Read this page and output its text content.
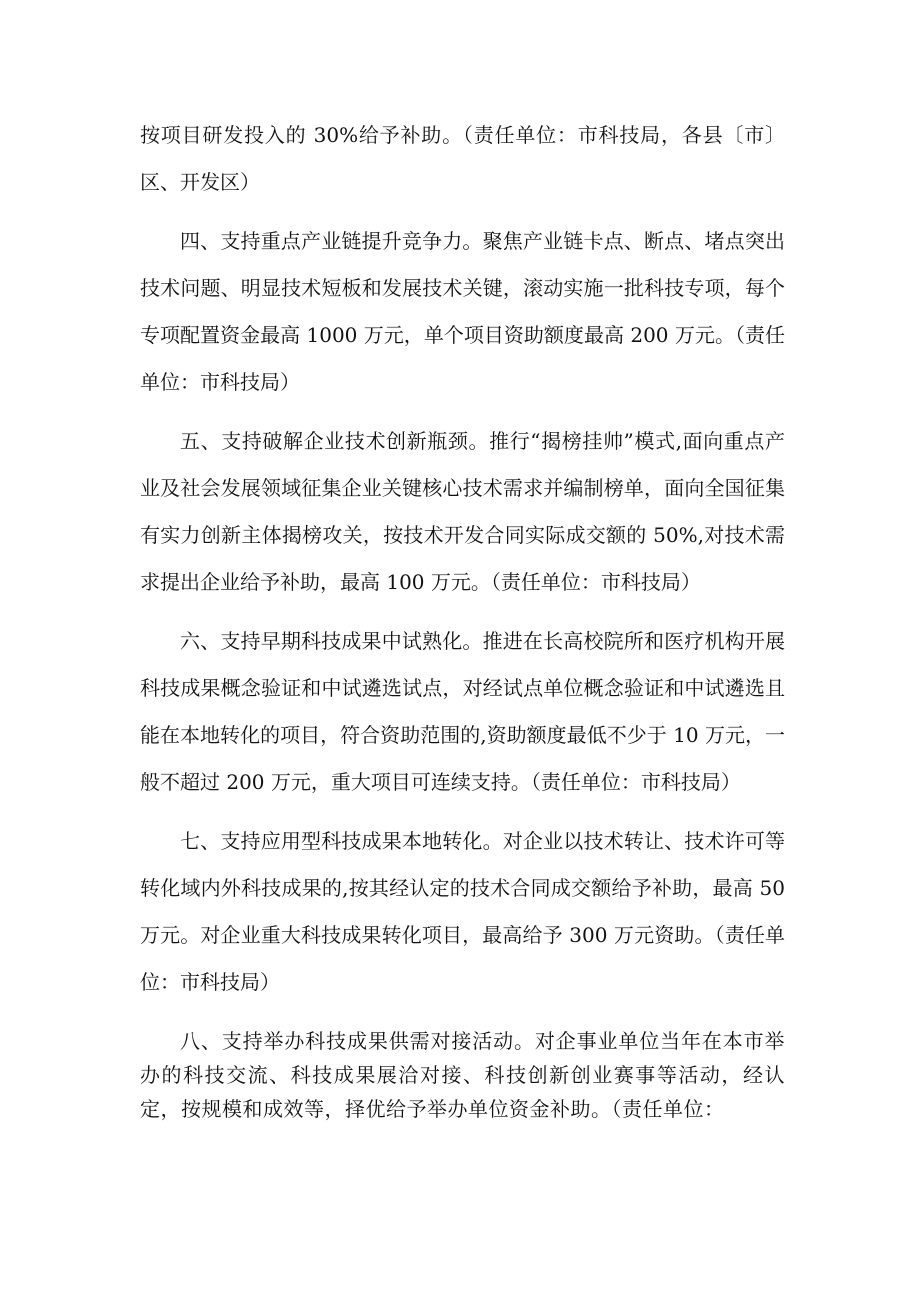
按项目研发投入的 30%给予补助。（责任单位：市科技局，各县〔市〕区、开发区）

四、支持重点产业链提升竞争力。聚焦产业链卡点、断点、堵点突出技术问题、明显技术短板和发展技术关键，滚动实施一批科技专项，每个专项配置资金最高 1000 万元，单个项目资助额度最高 200 万元。（责任单位：市科技局）

五、支持破解企业技术创新瓶颈。推行“揭榜挂帅”模式,面向重点产业及社会发展领域征集企业关键核心技术需求并编制榜单，面向全国征集有实力创新主体揭榜攻关，按技术开发合同实际成交额的 50%,对技术需求提出企业给予补助，最高 100 万元。（责任单位：市科技局）

六、支持早期科技成果中试熟化。推进在长高校院所和医疗机构开展科技成果概念验证和中试遴选试点，对经试点单位概念验证和中试遴选且能在本地转化的项目，符合资助范围的,资助额度最低不少于 10 万元，一般不超过 200 万元，重大项目可连续支持。（责任单位：市科技局）

七、支持应用型科技成果本地转化。对企业以技术转让、技术许可等转化域内外科技成果的,按其经认定的技术合同成交额给予补助，最高 50 万元。对企业重大科技成果转化项目，最高给予 300 万元资助。（责任单位：市科技局）

八、支持举办科技成果供需对接活动。对企事业单位当年在本市举办的科技交流、科技成果展洽对接、科技创新创业赛事等活动，经认定，按规模和成效等，择优给予举办单位资金补助。（责任单位：
